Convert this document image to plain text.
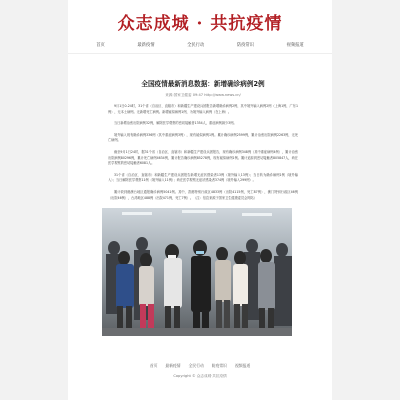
众志成城 · 共抗疫情
首页	最新疫情	全民行动	防疫常识	视频报道
全国疫情最新消息数据：新增确诊病例2例
来源:国家卫健委 09:47 http://www.news.cn/

9月1日0-24时，31个省（自治区、直辖市）和新疆生产建设兵团报告新增确诊病例2例，其中境外输入病例2例（上海1例，广东1例），无本土病例。无新增死亡病例。新增疑似病例1例，为境外输入病例（在上海）。

当日新增治愈出院病例32例，解除医学观察的密切接触者1354人，重症病例减少3例。

境外输入现有确诊病例336例（其中重症病例3例），现有疑似病例1例。累计确诊病例2599例，累计治愈出院病例2263例，无死亡病例。

截至9月1日24时，据31个省（自治区、直辖市）和新疆生产建设兵团报告，现有确诊病例348例（其中重症病例4例），累计治愈出院病例80296例，累计死亡病例4634例，累计报告确诊病例85278例，现有疑似病例1例。累计追踪到密切接触者805847人，尚在医学观察的密切接触者6081人。

31个省（自治区、直辖市）和新疆生产建设兵团报告新增无症状感染者13例（境外输入13例）；当日转为确诊病例1例（境外输入）；当日解除医学观察11例（境外输入11例）；尚在医学观察无症状感染者374例（境外输入299例）。

累计收到港澳台地区通报确诊病例5041例。其中，香港特别行政区4833例（出院4115例，死亡87例），澳门特别行政区46例（出院46例），台湾地区488例（出院471例，死亡7例）。（注：信息来源于国家卫生健康委员会网站）

首页 最新疫情 全民行动 防疫常识 视频报道
Copyright © 众志成城·共抗疫情
